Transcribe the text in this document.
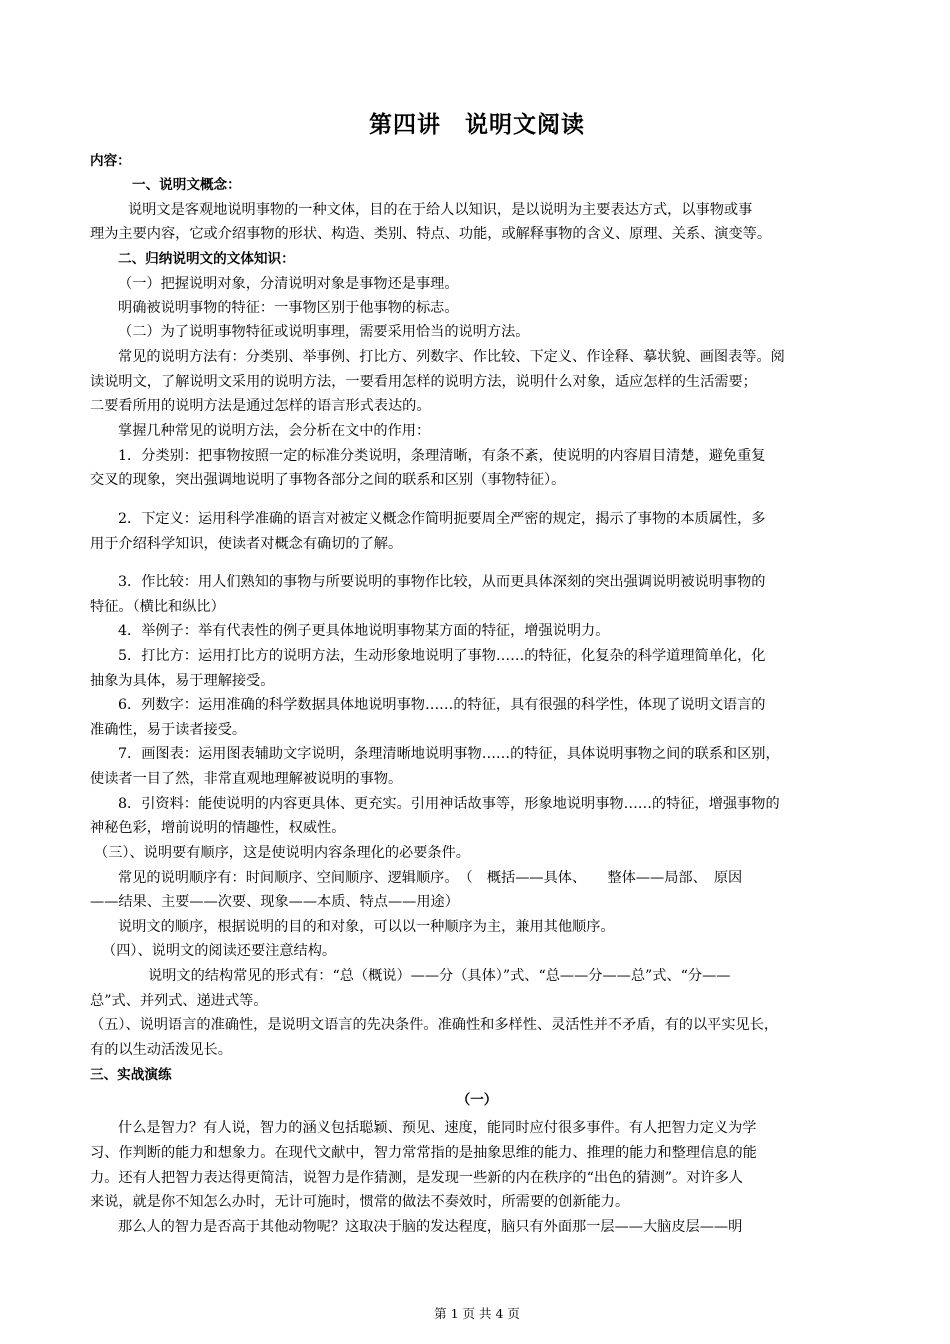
第四讲　说明文阅读
内容：
一、说明文概念：
说明文是客观地说明事物的一种文体，目的在于给人以知识，是以说明为主要表达方式，以事物或事
理为主要内容，它或介绍事物的形状、构造、类别、特点、功能，或解释事物的含义、原理、关系、演变等。
二、归纳说明文的文体知识：
（一）把握说明对象，分清说明对象是事物还是事理。
明确被说明事物的特征：一事物区别于他事物的标志。
（二）为了说明事物特征或说明事理，需要采用恰当的说明方法。
常见的说明方法有：分类别、举事例、打比方、列数字、作比较、下定义、作诠释、摹状貌、画图表等。阅
读说明文，了解说明文采用的说明方法，一要看用怎样的说明方法，说明什么对象，适应怎样的生活需要；
二要看所用的说明方法是通过怎样的语言形式表达的。
掌握几种常见的说明方法，会分析在文中的作用：
1．分类别：把事物按照一定的标准分类说明，条理清晰，有条不紊，使说明的内容眉目清楚，避免重复
交叉的现象，突出强调地说明了事物各部分之间的联系和区别（事物特征）。
2．下定义：运用科学准确的语言对被定义概念作简明扼要周全严密的规定，揭示了事物的本质属性，多
用于介绍科学知识，使读者对概念有确切的了解。
3．作比较：用人们熟知的事物与所要说明的事物作比较，从而更具体深刻的突出强调说明被说明事物的
特征。（横比和纵比）
4．举例子：举有代表性的例子更具体地说明事物某方面的特征，增强说明力。
5．打比方：运用打比方的说明方法，生动形象地说明了事物……的特征，化复杂的科学道理简单化，化
抽象为具体，易于理解接受。
6．列数字：运用准确的科学数据具体地说明事物……的特征，具有很强的科学性，体现了说明文语言的
准确性，易于读者接受。
7．画图表：运用图表辅助文字说明，条理清晰地说明事物……的特征，具体说明事物之间的联系和区别，
使读者一目了然，非常直观地理解被说明的事物。
8．引资料：能使说明的内容更具体、更充实。引用神话故事等，形象地说明事物……的特征，增强事物的
神秘色彩，增前说明的情趣性，权威性。
（三）、说明要有顺序，这是使说明内容条理化的必要条件。
常见的说明顺序有：时间顺序、空间顺序、逻辑顺序。　（　概括——具体、　　整体——局部、　原因
——结果、主要——次要、现象——本质、特点——用途）
说明文的顺序，根据说明的目的和对象，可以以一种顺序为主，兼用其他顺序。
（四）、说明文的阅读还要注意结构。
说明文的结构常见的形式有：“总（概说）——分（具体）”式、“总——分——总”式、“分——
总”式、并列式、递进式等。
（五）、说明语言的准确性，是说明文语言的先决条件。准确性和多样性、灵活性并不矛盾，有的以平实见长，
有的以生动活泼见长。
三、实战演练
（一）
什么是智力？有人说，智力的涵义包括聪颖、预见、速度，能同时应付很多事件。有人把智力定义为学
习、作判断的能力和想象力。在现代文献中，智力常常指的是抽象思维的能力、推理的能力和整理信息的能
力。还有人把智力表达得更简洁，说智力是作猜测，是发现一些新的内在秩序的“出色的猜测”。对许多人
来说，就是你不知怎么办时，无计可施时，惯常的做法不奏效时，所需要的创新能力。
那么人的智力是否高于其他动物呢？这取决于脑的发达程度，脑只有外面那一层——大脑皮层——明
第 1 页 共 4 页
